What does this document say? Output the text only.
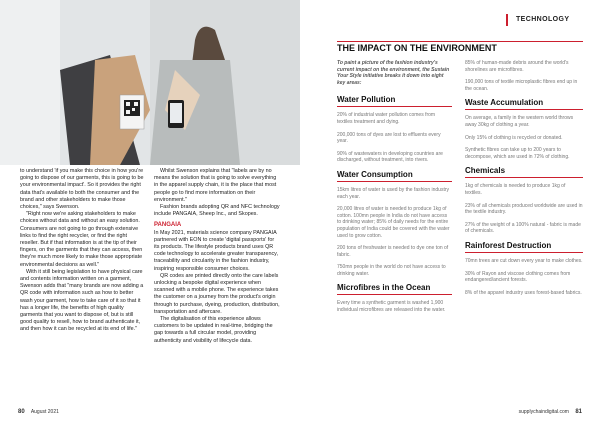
to understand 'if you make this choice in how you're going to dispose of our garments, this is going to be your environmental impact'. So it provides the right data that's available to both the consumer and the brand and other stakeholders to make those choices," says Swenson.

"Right now we're asking stakeholders to make choices without data and without an easy solution. Consumers are not going to go through extensive links to find the right recycler, or find the right reseller. But if that information is at the tip of their fingers, on the garments that they can access, then they're much more likely to make those appropriate environmental decisions as well."

With it still being legislation to have physical care and contents information written on a garment, Swenson adds that "many brands are now adding a QR code with information such as how to better wash your garment, how to take care of it so that it has a longer life, the benefits of high quality garments that you want to dispose of, but is still good quality to resell, how to brand authenticate it, and then how it can be recycled at its end of life."

Whilst Swenson explains that "labels are by no means the solution that is going to solve everything in the apparel supply chain, it is the place that most people go to find more information on their environment."

Fashion brands adopting QR and NFC technology include PANGAIA, Sheep Inc., and Skopes.

PANGAIA

In May 2021, materials science company PANGAIA partnered with EON to create 'digital passports' for its products. The lifestyle products brand uses QR code technology to accelerate greater transparency, traceability and circularity in the fashion industry, inspiring responsible consumer choices.

QR codes are printed directly onto the care labels unlocking a bespoke digital experience when scanned with a mobile phone. The experience takes the customer on a journey from the product's origin through to purchase, dyeing, production, distribution, transportation and aftercare.

The digitalisation of this experience allows customers to be updated in real-time, bridging the gap towards a full circular model, providing authenticity and visibility of lifecycle data.

80 August 2021
TECHNOLOGY
THE IMPACT ON THE ENVIRONMENT
To paint a picture of the fashion industry's current impact on the environment, the Sustain Your Style initiative breaks it down into eight key areas:
Water Pollution
20% of industrial water pollution comes from textiles treatment and dying.
200,000 tons of dyes are lost to effluents every year.
90% of wastewaters in developing countries are discharged, without treatment, into rivers.
Water Consumption
15km litres of water is used by the fashion industry each year.
20,000 litres of water is needed to produce 1kg of cotton. 100mn people in India do not have access to drinking water; 85% of daily needs for the entire population of India could be covered with the water used to grow cotton.
200 tons of freshwater is needed to dye one ton of fabric.
750mn people in the world do not have access to drinking water.
Microfibres in the Ocean
Every time a synthetic garment is washed 1,900 individual microfibres are released into the water.
85% of human-made debris around the world's shorelines are microfibres.
190,000 tons of textile microplastic fibres end up in the ocean.
Waste Accumulation
On average, a family in the western world throws away 30kg of clothing a year.
Only 15% of clothing is recycled or donated.
Synthetic fibres can take up to 200 years to decompose, which are used in 72% of clothing.
Chemicals
1kg of chemicals is needed to produce 1kg of textiles.
23% of all chemicals produced worldwide are used in the textile industry.
27% of the weight of a 100% natural - fabric is made of chemicals.
Rainforest Destruction
70mn trees are cut down every year to make clothes.
30% of Rayon and viscose clothing comes from endangered/ancient forests.
8% of the apparel industry uses forest-based fabrics.
supplychaindigital.com 81
